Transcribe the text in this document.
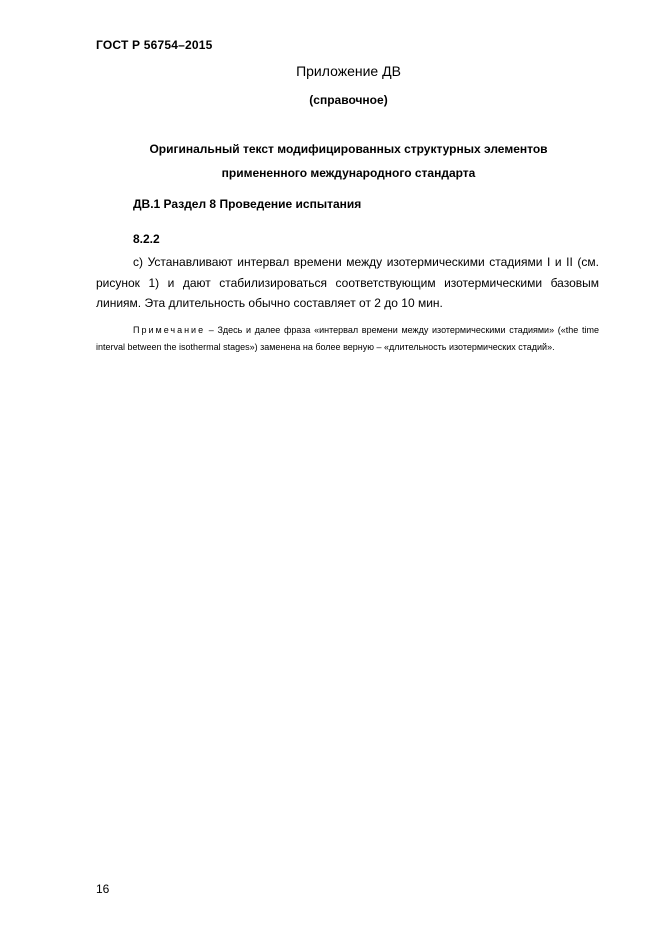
ГОСТ Р 56754–2015
Приложение ДВ
(справочное)
Оригинальный текст модифицированных структурных элементов
примененного международного стандарта
ДВ.1 Раздел 8 Проведение испытания
8.2.2

с) Устанавливают интервал времени между изотермическими стадиями I и II (см. рисунок 1) и дают стабилизироваться соответствующим изотермическими базовым линиям. Эта длительность обычно составляет от 2 до 10 мин.

Примечание – Здесь и далее фраза «интервал времени между изотермическими стадиями» («the time interval between the isothermal stages») заменена на более верную – «длительность изотермических стадий».

16
